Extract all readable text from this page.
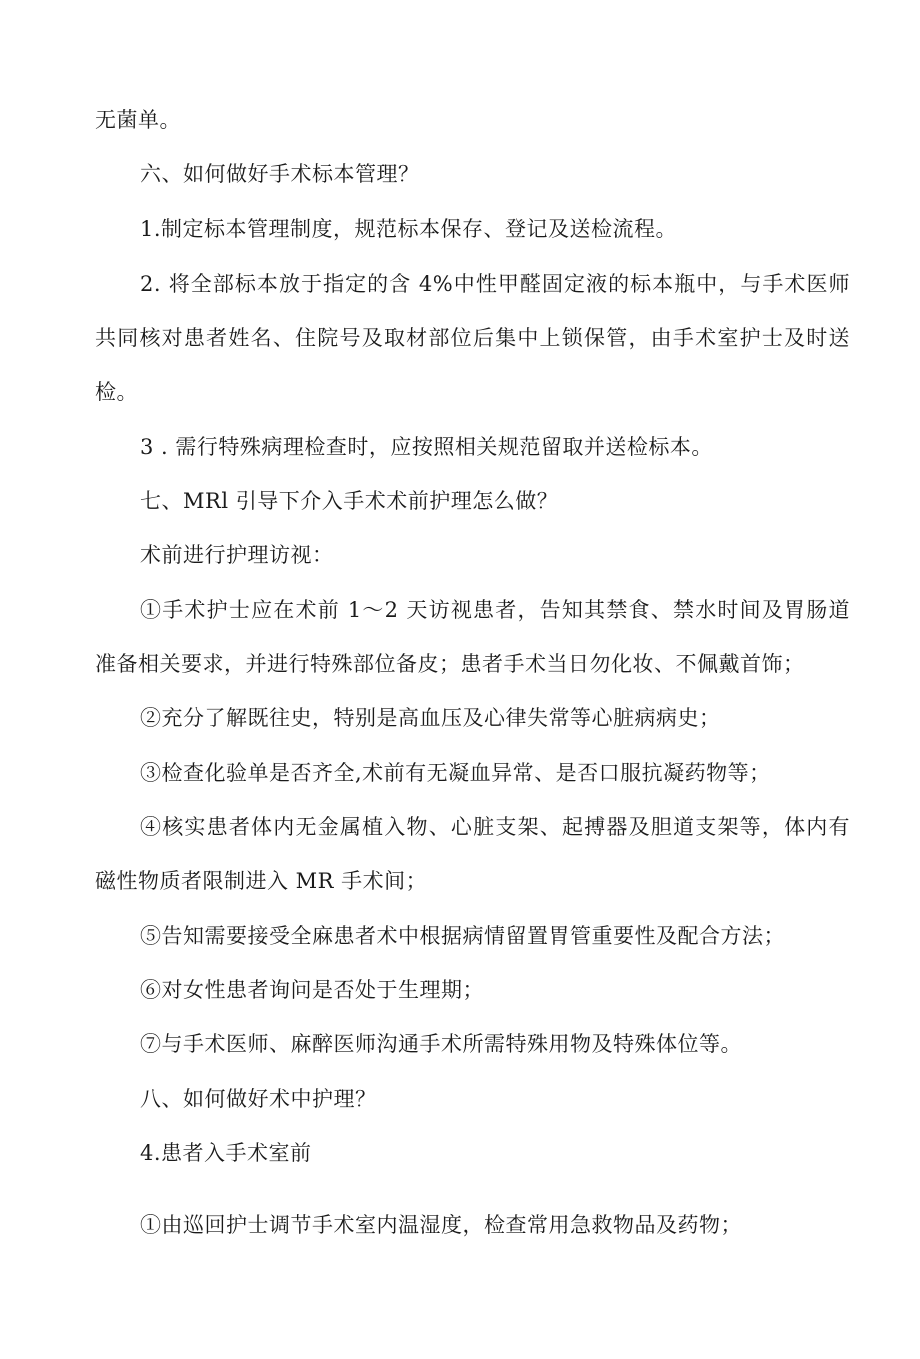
无菌单。
六、如何做好手术标本管理？
1.制定标本管理制度，规范标本保存、登记及送检流程。
2. 将全部标本放于指定的含 4%中性甲醛固定液的标本瓶中，与手术医师
共同核对患者姓名、住院号及取材部位后集中上锁保管，由手术室护士及时送
检。
3 . 需行特殊病理检查时，应按照相关规范留取并送检标本。
七、MRl 引导下介入手术术前护理怎么做？
术前进行护理访视：
①手术护士应在术前 1～2 天访视患者，告知其禁食、禁水时间及胃肠道
准备相关要求，并进行特殊部位备皮；患者手术当日勿化妆、不佩戴首饰；
②充分了解既往史，特别是高血压及心律失常等心脏病病史；
③检查化验单是否齐全,术前有无凝血异常、是否口服抗凝药物等；
④核实患者体内无金属植入物、心脏支架、起搏器及胆道支架等，体内有
磁性物质者限制进入 MR 手术间；
⑤告知需要接受全麻患者术中根据病情留置胃管重要性及配合方法；
⑥对女性患者询问是否处于生理期；
⑦与手术医师、麻醉医师沟通手术所需特殊用物及特殊体位等。
八、如何做好术中护理？
4.患者入手术室前
①由巡回护士调节手术室内温湿度，检查常用急救物品及药物；
